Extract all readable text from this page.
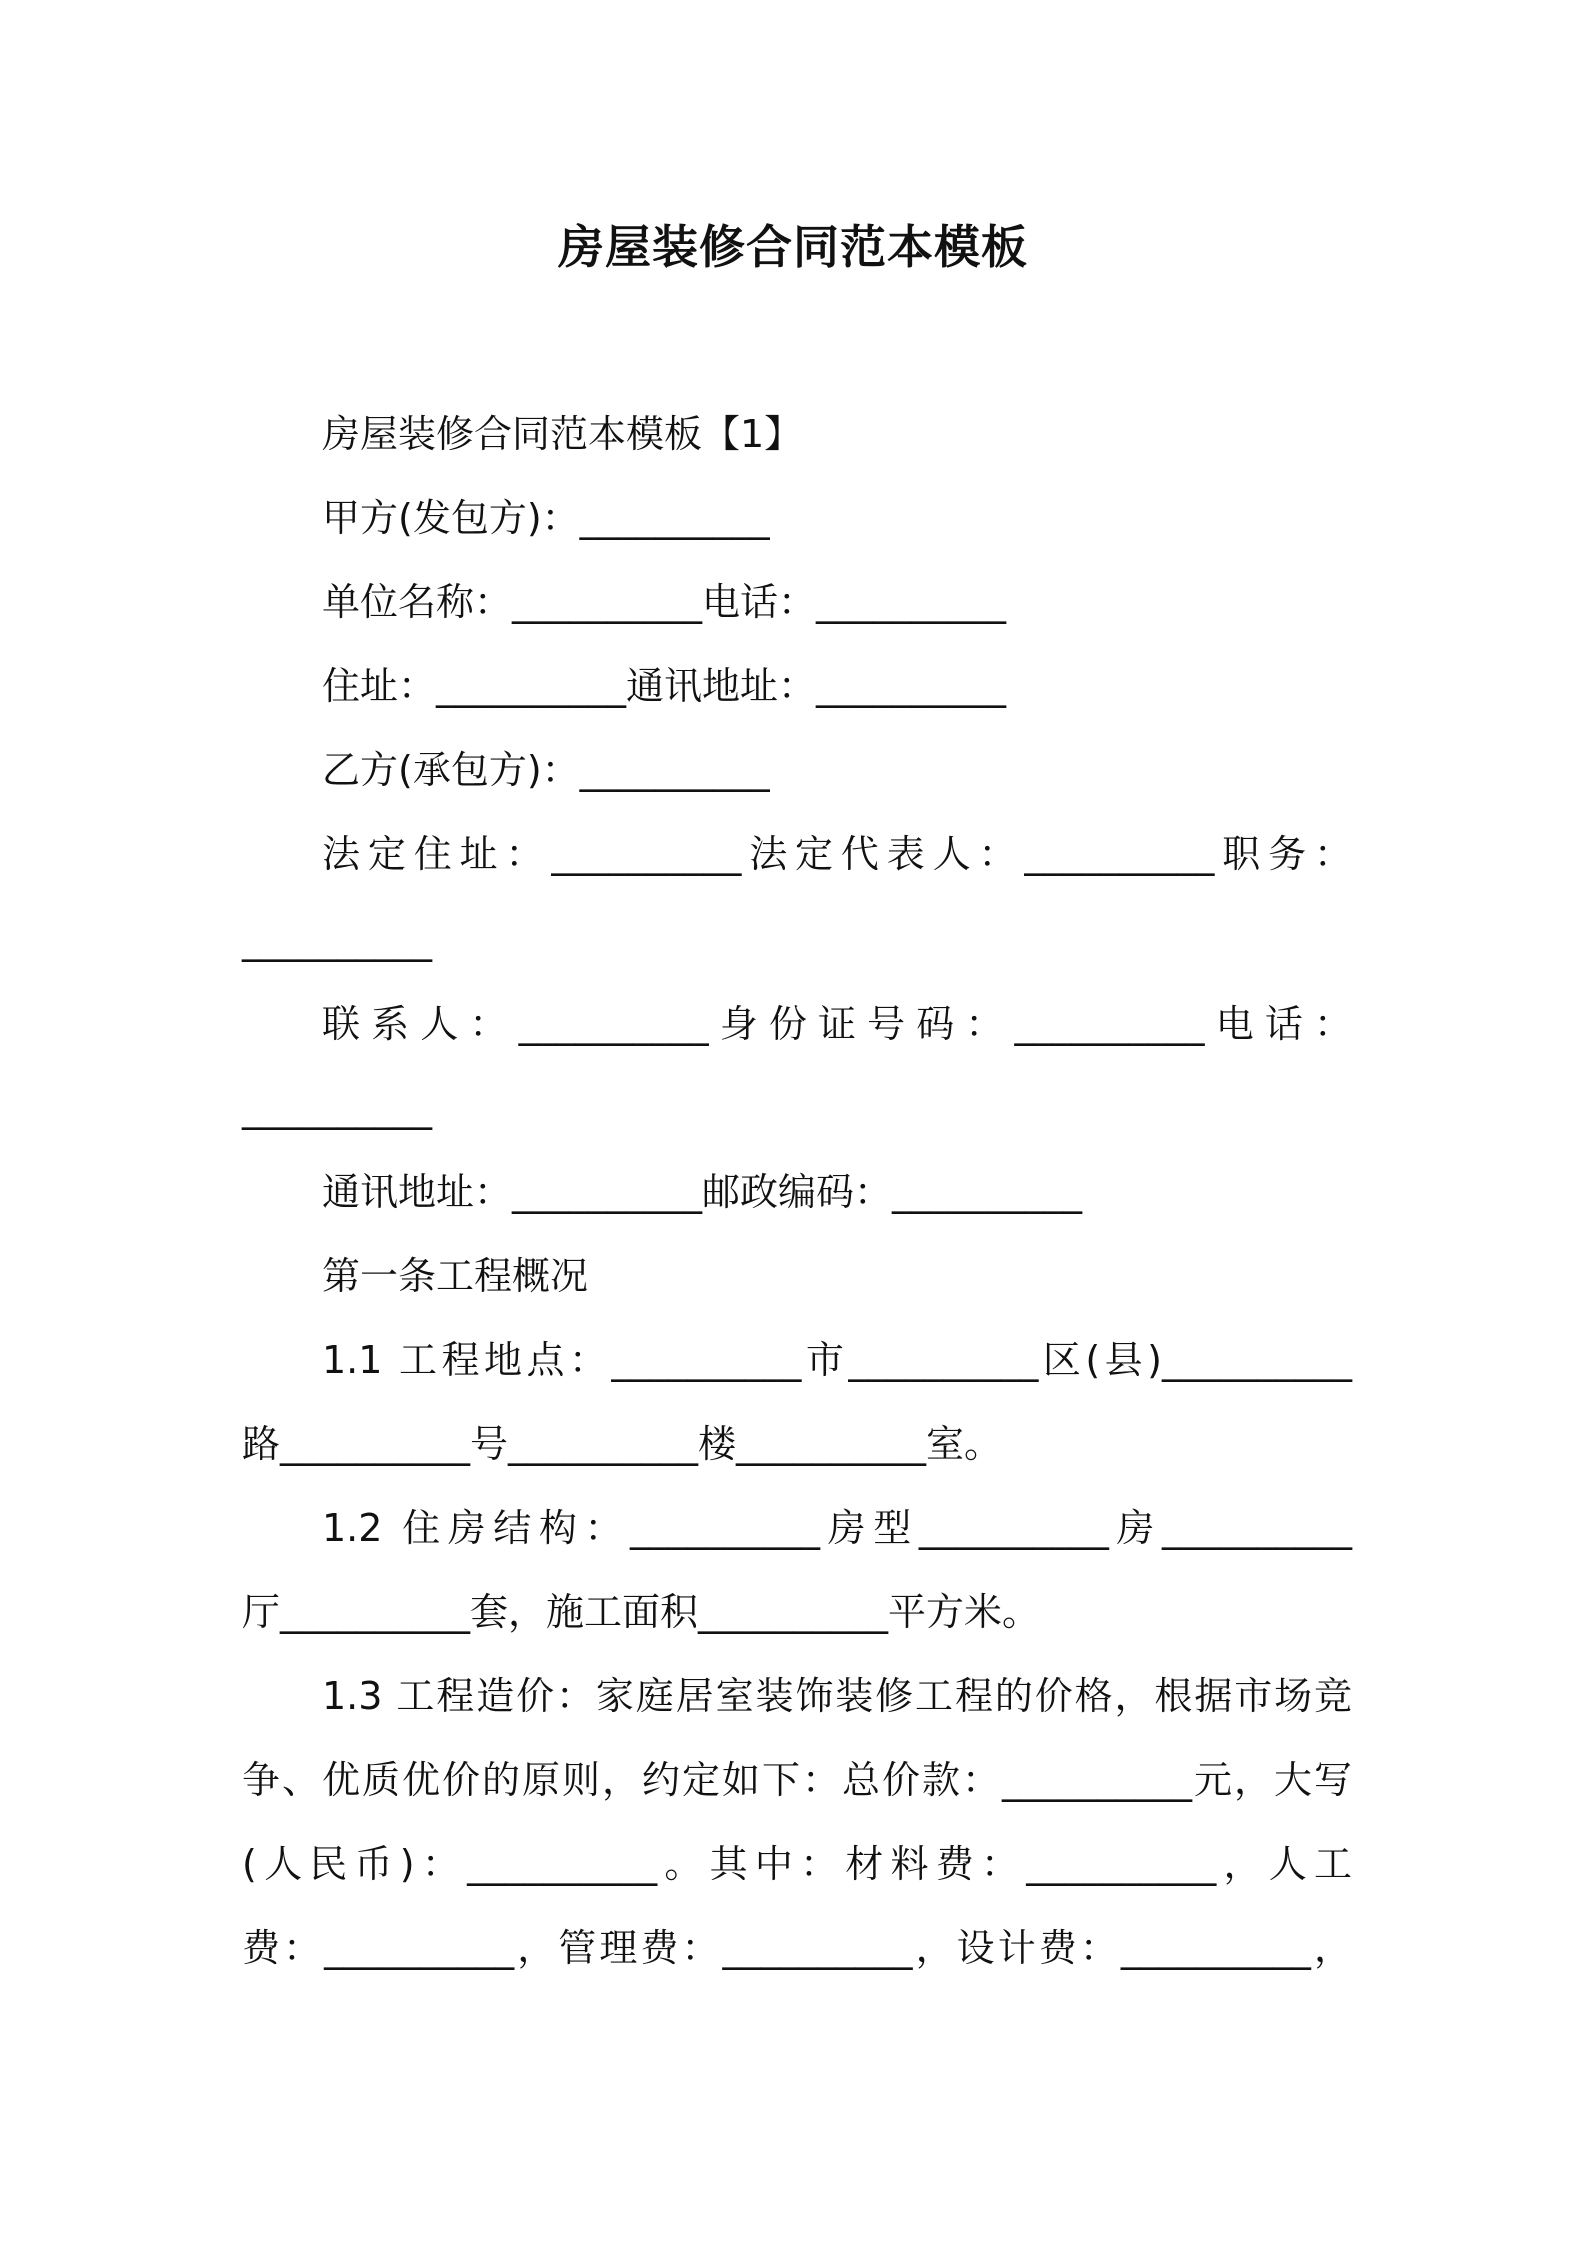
房屋装修合同范本模板
房屋装修合同范本模板【1】
甲方(发包方)：__________
单位名称：__________电话：__________
住址：__________通讯地址：__________
乙方(承包方)：__________
法定住址：__________法定代表人：__________职务：
__________
联系人：__________身份证号码：__________电话：
__________
通讯地址：__________邮政编码：__________
第一条工程概况
1.1 工程地点：__________市__________区(县)__________
路__________号__________楼__________室。
1.2 住房结构：__________房型__________房__________
厅__________套，施工面积__________平方米。
1.3 工程造价：家庭居室装饰装修工程的价格，根据市场竞
争、优质优价的原则，约定如下：总价款：__________元，大写
(人民币)：__________。其中：材料费：__________，人工
费：__________，管理费：__________，设计费：__________，
